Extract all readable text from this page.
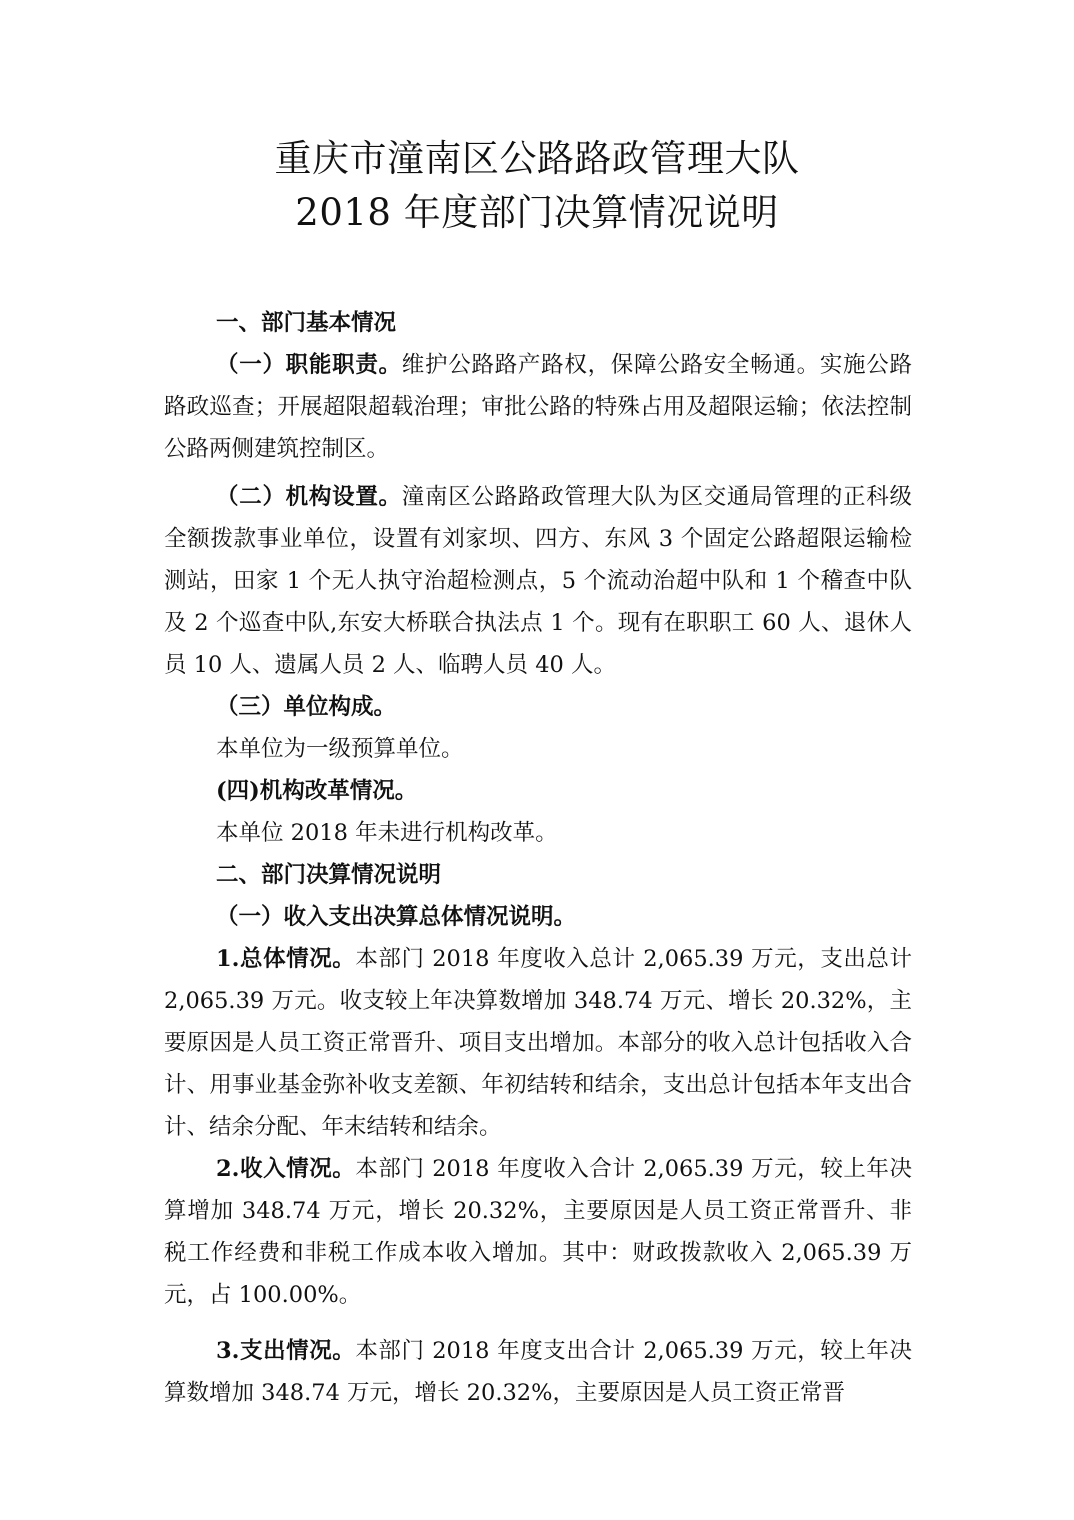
重庆市潼南区公路路政管理大队
2018 年度部门决算情况说明

一、部门基本情况

（一）职能职责。维护公路路产路权，保障公路安全畅通。实施公路路政巡查；开展超限超载治理；审批公路的特殊占用及超限运输；依法控制公路两侧建筑控制区。

（二）机构设置。潼南区公路路政管理大队为区交通局管理的正科级全额拨款事业单位，设置有刘家坝、四方、东风 3 个固定公路超限运输检测站，田家 1 个无人执守治超检测点，5 个流动治超中队和 1 个稽查中队及 2 个巡查中队,东安大桥联合执法点 1 个。现有在职职工 60 人、退休人员 10 人、遗属人员 2 人、临聘人员 40 人。

（三）单位构成。

本单位为一级预算单位。

(四)机构改革情况。

本单位 2018 年未进行机构改革。

二、部门决算情况说明

（一）收入支出决算总体情况说明。

1.总体情况。本部门 2018 年度收入总计 2,065.39 万元，支出总计 2,065.39 万元。收支较上年决算数增加 348.74 万元、增长 20.32%，主要原因是人员工资正常晋升、项目支出增加。本部分的收入总计包括收入合计、用事业基金弥补收支差额、年初结转和结余，支出总计包括本年支出合计、结余分配、年末结转和结余。

2.收入情况。本部门 2018 年度收入合计 2,065.39 万元，较上年决算增加 348.74 万元，增长 20.32%，主要原因是人员工资正常晋升、非税工作经费和非税工作成本收入增加。其中：财政拨款收入 2,065.39 万元，占 100.00%。

3.支出情况。本部门 2018 年度支出合计 2,065.39 万元，较上年决算数增加 348.74 万元，增长 20.32%，主要原因是人员工资正常晋
